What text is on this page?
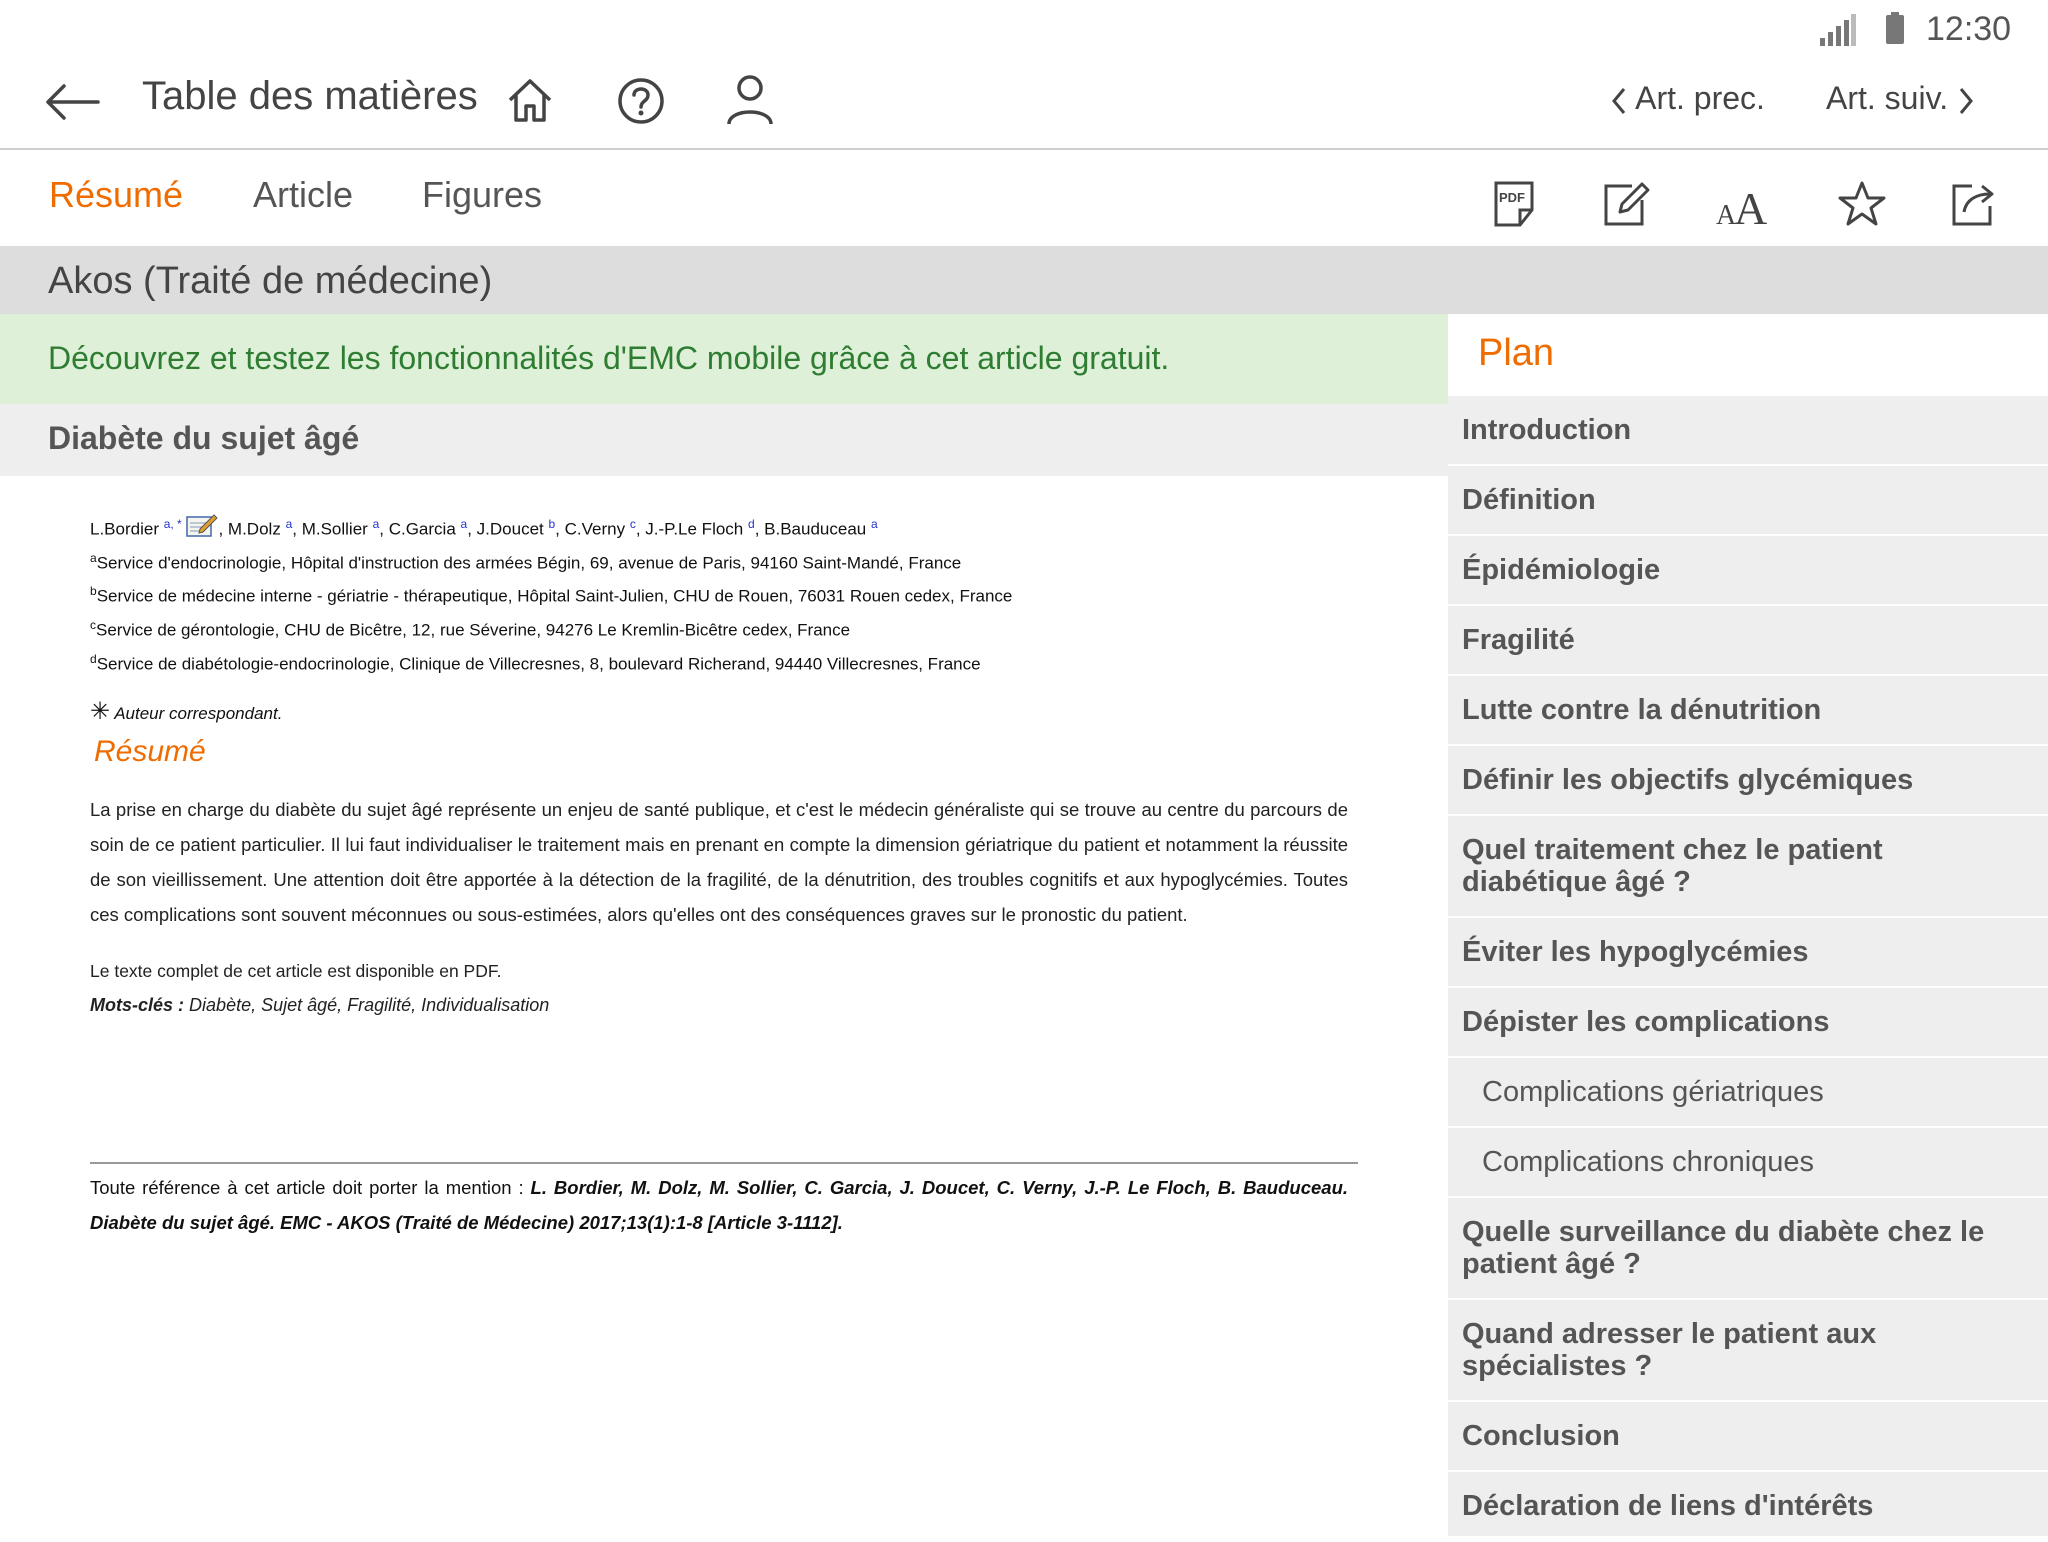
12:30
Table des matières	Art. prec. Art. suiv.
Résumé Article Figures	PDF
A
A
Akos (Traité de médecine)
Découvrez et testez les fonctionnalités d'EMC mobile grâce à cet article gratuit.
Diabète du sujet âgé
L.Bordier $^{a, *}$ , M.Dolz $^a$, M.Sollier $^a$, C.Garcia $^a$, J.Doucet $^b$, C.Verny $^c$, J.-P.Le Floch $^d$, B.Bauduceau $^a$
$^a$Service d'endocrinologie, Hôpital d'instruction des armées Bégin, 69, avenue de Paris, 94160 Saint-Mandé, France
$^b$Service de médecine interne - gériatrie - thérapeutique, Hôpital Saint-Julien, CHU de Rouen, 76031 Rouen cedex, France
$^c$Service de gérontologie, CHU de Bicêtre, 12, rue Séverine, 94276 Le Kremlin-Bicêtre cedex, France
$^d$Service de diabétologie-endocrinologie, Clinique de Villecresnes, 8, boulevard Richerand, 94440 Villecresnes, France
✳ Auteur correspondant.
Résumé
La prise en charge du diabète du sujet âgé représente un enjeu de santé publique, et c'est le médecin généraliste qui se trouve au centre du parcours de soin de ce patient particulier. Il lui faut individualiser le traitement mais en prenant en compte la dimension gériatrique du patient et notamment la réussite de son vieillissement. Une attention doit être apportée à la détection de la fragilité, de la dénutrition, des troubles cognitifs et aux hypoglycémies. Toutes ces complications sont souvent méconnues ou sous-estimées, alors qu'elles ont des conséquences graves sur le pronostic du patient.
Le texte complet de cet article est disponible en PDF.
Mots-clés : Diabète, Sujet âgé, Fragilité, Individualisation
Toute référence à cet article doit porter la mention : L. Bordier, M. Dolz, M. Sollier, C. Garcia, J. Doucet, C. Verny, J.-P. Le Floch, B. Bauduceau. Diabète du sujet âgé. EMC - AKOS (Traité de Médecine) 2017;13(1):1-8 [Article 3-1112].
Plan
Introduction
Définition
Épidémiologie
Fragilité
Lutte contre la dénutrition
Définir les objectifs glycémiques
Quel traitement chez le patient diabétique âgé ?
Éviter les hypoglycémies
Dépister les complications
Complications gériatriques
Complications chroniques
Quelle surveillance du diabète chez le patient âgé ?
Quand adresser le patient aux spécialistes ?
Conclusion
Déclaration de liens d'intérêts
